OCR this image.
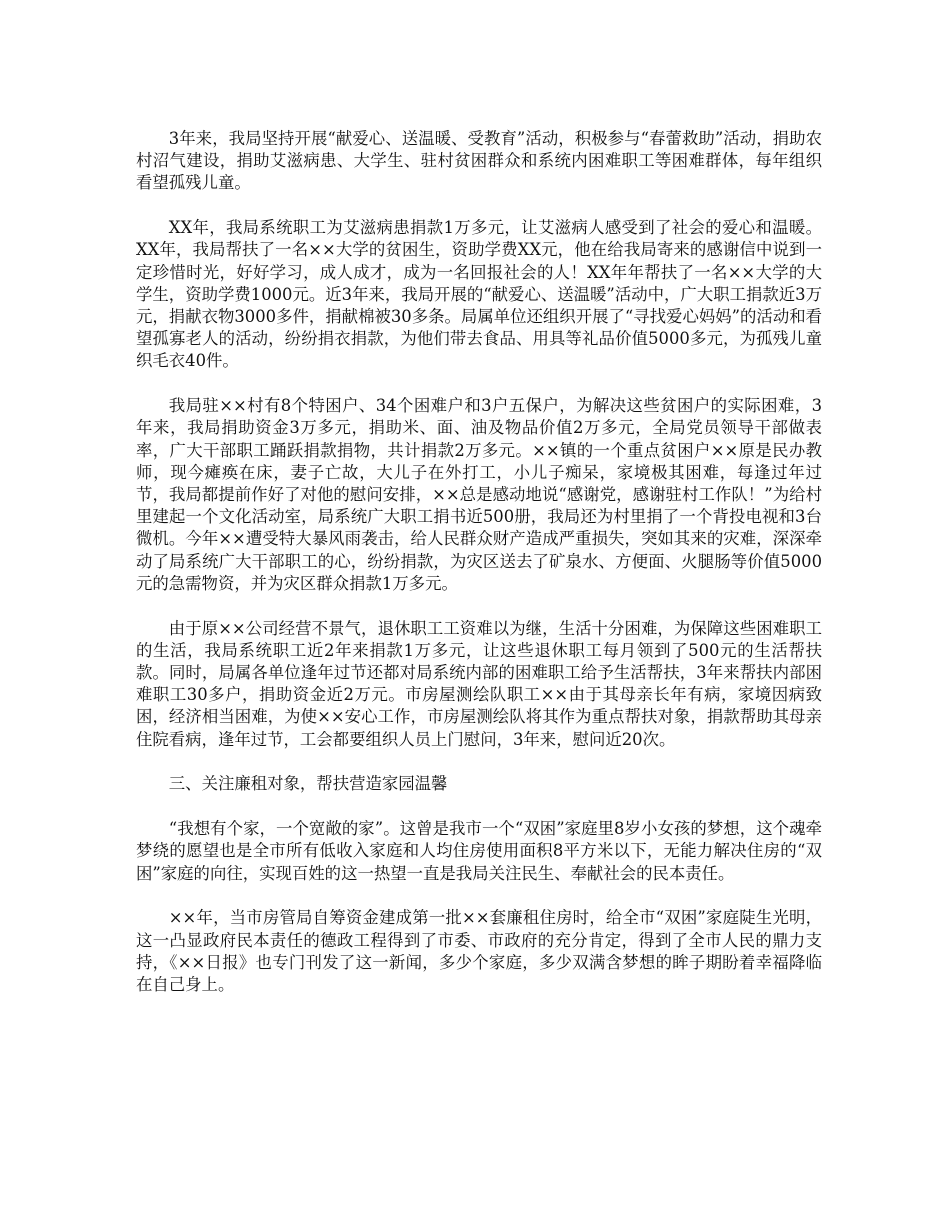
3年来，我局坚持开展“献爱心、送温暖、受教育”活动，积极参与“春蕾救助”活动，捐助农村沼气建设，捐助艾滋病患、大学生、驻村贫困群众和系统内困难职工等困难群体，每年组织看望孤残儿童。

XX年，我局系统职工为艾滋病患捐款1万多元，让艾滋病人感受到了社会的爱心和温暖。XX年，我局帮扶了一名××大学的贫困生，资助学费XX元，他在给我局寄来的感谢信中说到一定珍惜时光，好好学习，成人成才，成为一名回报社会的人！XX年年帮扶了一名××大学的大学生，资助学费1000元。近3年来，我局开展的“献爱心、送温暖”活动中，广大职工捐款近3万元，捐献衣物3000多件，捐献棉被30多条。局属单位还组织开展了“寻找爱心妈妈”的活动和看望孤寡老人的活动，纷纷捐衣捐款，为他们带去食品、用具等礼品价值5000多元，为孤残儿童织毛衣40件。

我局驻××村有8个特困户、34个困难户和3户五保户，为解决这些贫困户的实际困难，3年来，我局捐助资金3万多元，捐助米、面、油及物品价值2万多元，全局党员领导干部做表率，广大干部职工踊跃捐款捐物，共计捐款2万多元。××镇的一个重点贫困户××原是民办教师，现今瘫痪在床，妻子亡故，大儿子在外打工，小儿子痴呆，家境极其困难，每逢过年过节，我局都提前作好了对他的慰问安排，××总是感动地说“感谢党，感谢驻村工作队！”为给村里建起一个文化活动室，局系统广大职工捐书近500册，我局还为村里捐了一个背投电视和3台微机。今年××遭受特大暴风雨袭击，给人民群众财产造成严重损失，突如其来的灾难，深深牵动了局系统广大干部职工的心，纷纷捐款，为灾区送去了矿泉水、方便面、火腿肠等价值5000元的急需物资，并为灾区群众捐款1万多元。

由于原××公司经营不景气，退休职工工资难以为继，生活十分困难，为保障这些困难职工的生活，我局系统职工近2年来捐款1万多元，让这些退休职工每月领到了500元的生活帮扶款。同时，局属各单位逢年过节还都对局系统内部的困难职工给予生活帮扶，3年来帮扶内部困难职工30多户，捐助资金近2万元。市房屋测绘队职工××由于其母亲长年有病，家境因病致困，经济相当困难，为使××安心工作，市房屋测绘队将其作为重点帮扶对象，捐款帮助其母亲住院看病，逢年过节，工会都要组织人员上门慰问，3年来，慰问近20次。

三、关注廉租对象，帮扶营造家园温馨

“我想有个家，一个宽敞的家”。这曾是我市一个“双困”家庭里8岁小女孩的梦想，这个魂牵梦绕的愿望也是全市所有低收入家庭和人均住房使用面积8平方米以下，无能力解决住房的“双困”家庭的向往，实现百姓的这一热望一直是我局关注民生、奉献社会的民本责任。

××年，当市房管局自筹资金建成第一批××套廉租住房时，给全市“双困”家庭陡生光明，这一凸显政府民本责任的德政工程得到了市委、市政府的充分肯定，得到了全市人民的鼎力支持，《××日报》也专门刊发了这一新闻，多少个家庭，多少双满含梦想的眸子期盼着幸福降临在自己身上。
